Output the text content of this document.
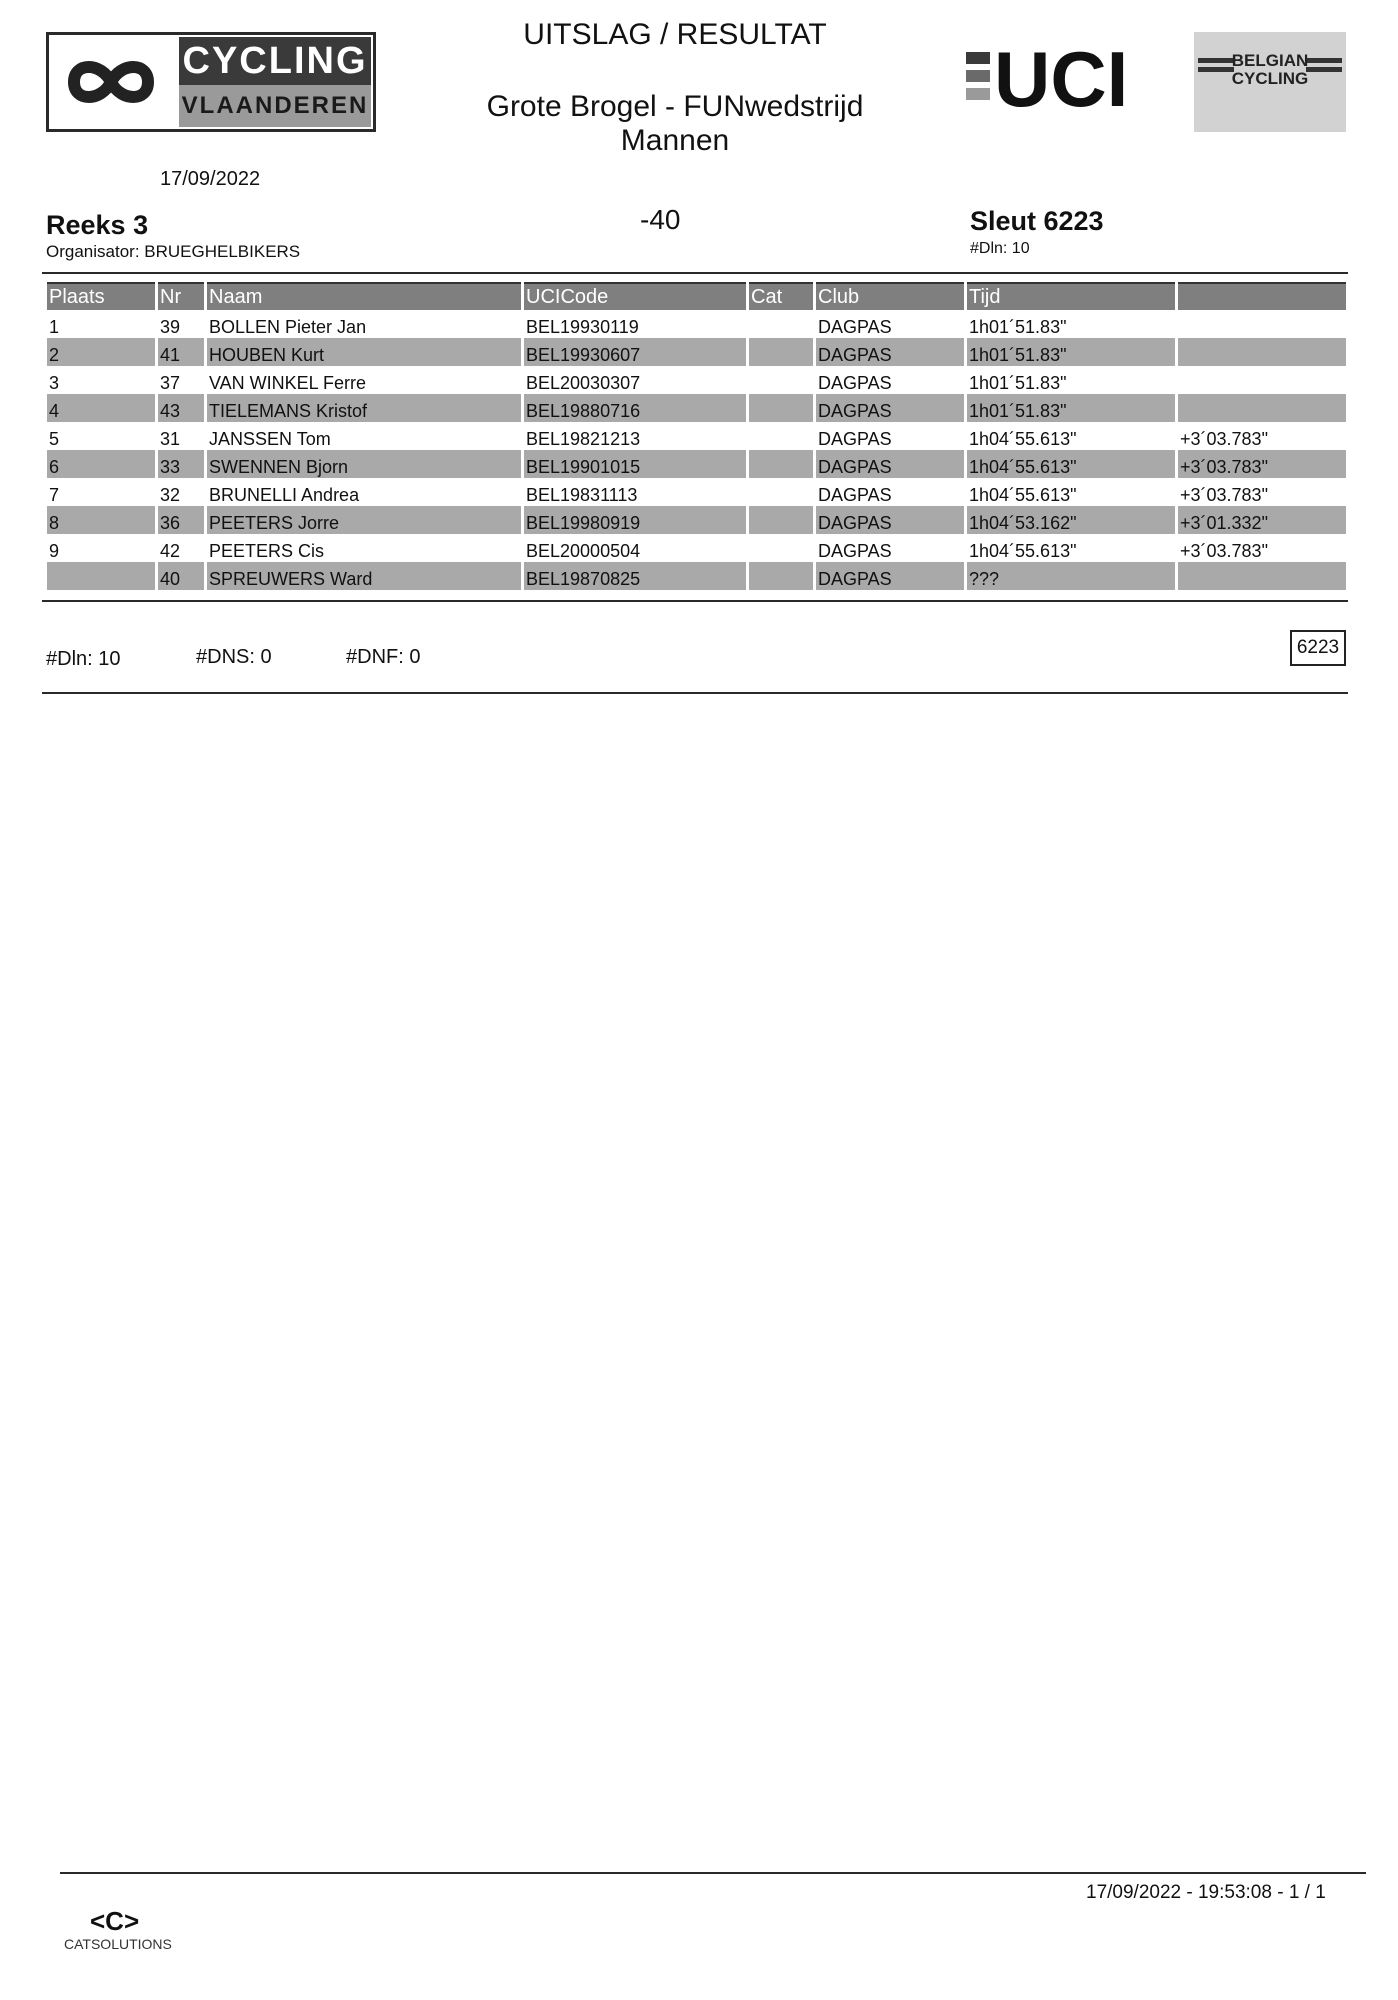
CYCLING
VLAANDEREN
UITSLAG / RESULTAT
Grote Brogel - FUNwedstrijd Mannen
UCI	BELGIAN
CYCLING
17/09/2022
Reeks 3
Organisator: BRUEGHELBIKERS
-40	Sleut 6223
#Dln: 10
Plaats	Nr	Naam	UCICode	Cat	Club	Tijd	
1	39	BOLLEN Pieter Jan	BEL19930119		DAGPAS	1h01´51.83"	
2	41	HOUBEN Kurt	BEL19930607		DAGPAS	1h01´51.83"	
3	37	VAN WINKEL Ferre	BEL20030307		DAGPAS	1h01´51.83"	
4	43	TIELEMANS Kristof	BEL19880716		DAGPAS	1h01´51.83"	
5	31	JANSSEN Tom	BEL19821213		DAGPAS	1h04´55.613"	+3´03.783"
6	33	SWENNEN Bjorn	BEL19901015		DAGPAS	1h04´55.613"	+3´03.783"
7	32	BRUNELLI Andrea	BEL19831113		DAGPAS	1h04´55.613"	+3´03.783"
8	36	PEETERS Jorre	BEL19980919		DAGPAS	1h04´53.162"	+3´01.332"
9	42	PEETERS Cis	BEL20000504		DAGPAS	1h04´55.613"	+3´03.783"
	40	SPREUWERS Ward	BEL19870825		DAGPAS	???	
#Dln: 10	#DNS: 0	#DNF: 0	6223
17/09/2022 - 19:53:08 - 1 / 1
<C>
CATSOLUTIONS
